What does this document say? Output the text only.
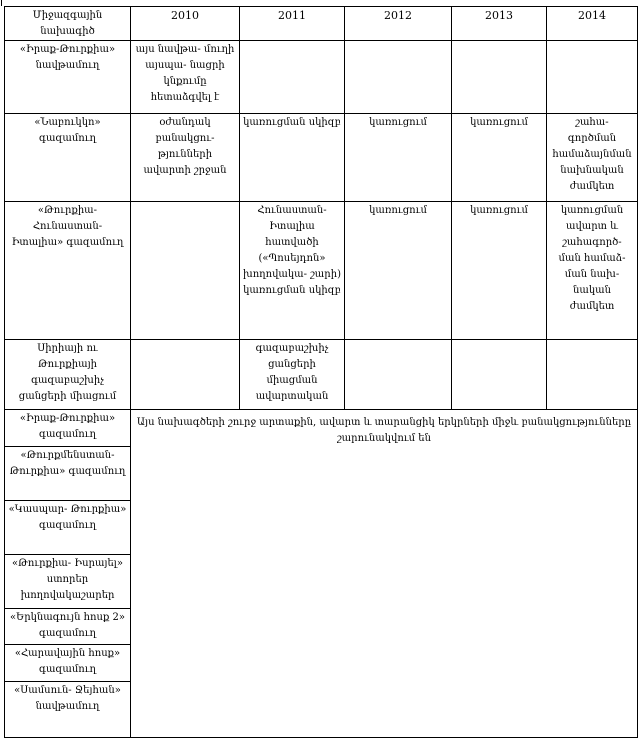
Միջազգային նախագիծ	2010	2011	2012	2013	2014
«Իրաք-Թուրքիա» նավթամուղ	այս նավթա- մուղի այսպա- նացրի կնքումը հետաձգվել է				
«Նաբուկկո» գազամուղ	օժանդակ բանակցու- թյունների ավարտի շրջան	կառուցման սկիզբ	կառուցում	կառուցում	շահա- գործման համաձայնման նախնական ժամկետ
«Թուրքիա- Հունաստան- Իտալիա» գազամուղ		Հունաստան- Իտալիա հատվածի («Պոսեյդոն» խողովակա- շարի) կառուցման սկիզբ	կառուցում	կառուցում	կառուցման ավարտ և շահագործ- ման համաձ- ման նախ- նական ժամկետ
Սիրիայի ու Թուրքիայի գազաբաշխիչ ցանցերի միացում		գազաբաշխիչ ցանցերի միացման ավարտական			
«Իրաք-Թուրքիա» գազամուղ	Այս նախագծերի շուրջ արտաքին, ավարտ և տարանցիկ երկրների միջև բանակցությունները շարունակվում են				
«Թուրքմենստան- Թուրքիա» գազամուղ					
«Կասպար- Թուրքիա» գազամուղ					
«Թուրքիա- Իսրայել» ստորեր խողովակաշարեր					
«Երկնագույն հոսք 2» գազամուղ					
«Հարավային հոսք» գազամուղ					
«Սամսուն- Ջեյհան» նավթամուղ					
